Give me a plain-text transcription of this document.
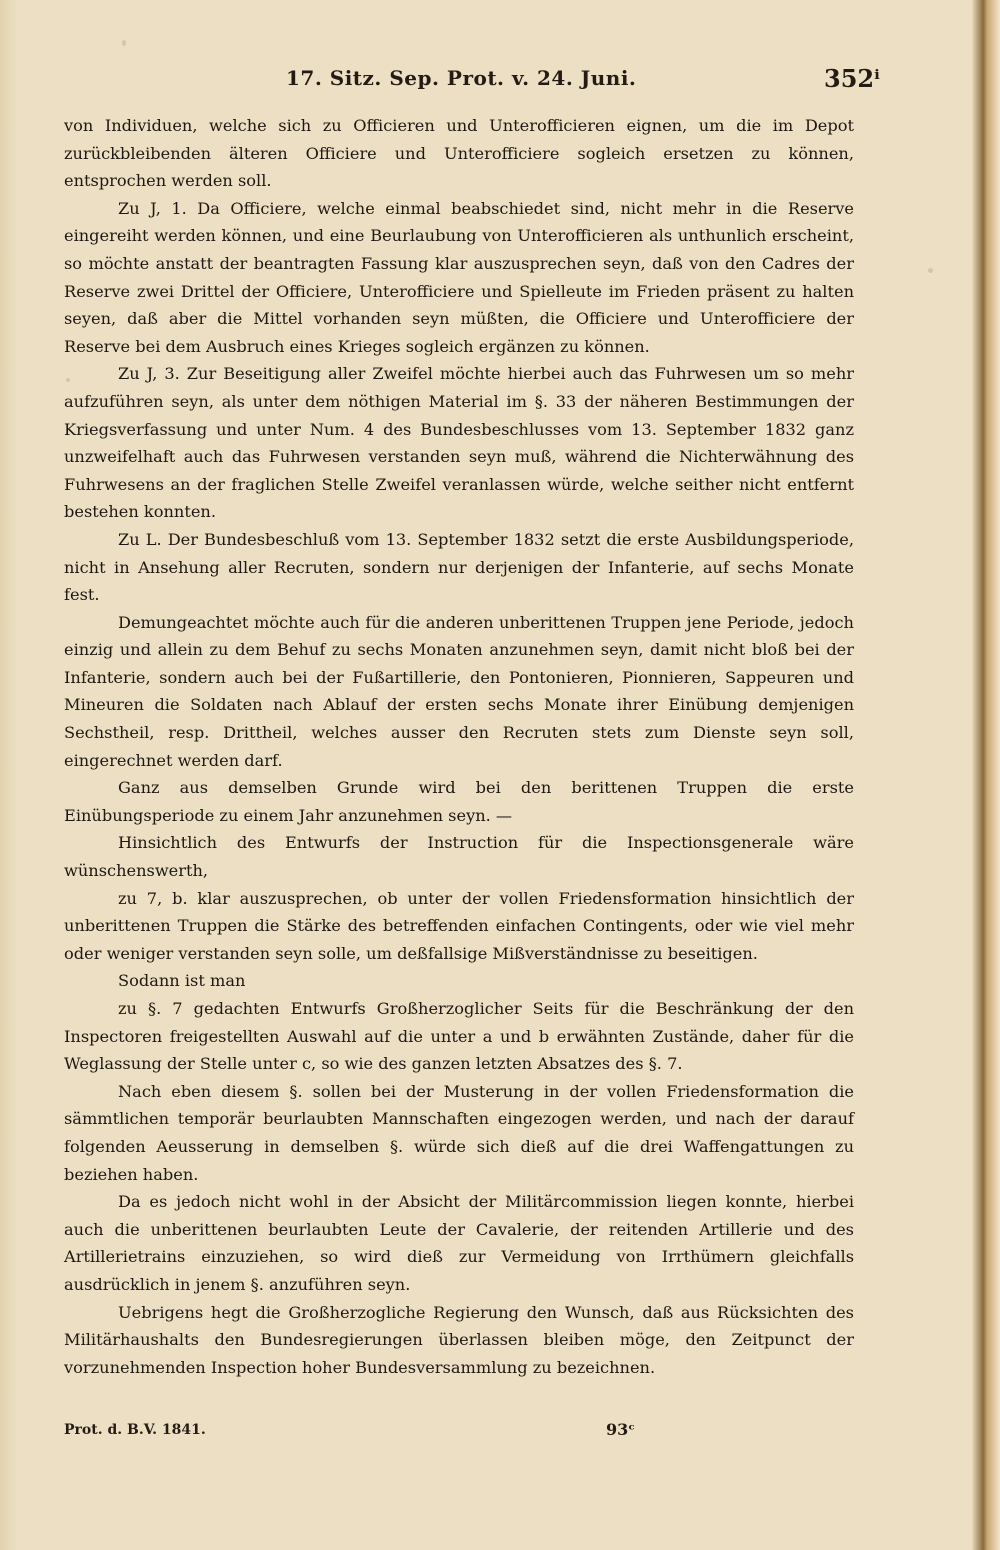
17. Sitz. Sep. Prot. v. 24. Juni.	352ⁱ

von Individuen, welche sich zu Officieren und Unterofficieren eignen, um die im Depot zurückbleibenden älteren Officiere und Unterofficiere sogleich ersetzen zu können, entsprochen werden soll.

Zu J, 1. Da Officiere, welche einmal beabschiedet sind, nicht mehr in die Reserve eingereiht werden können, und eine Beurlaubung von Unterofficieren als unthunlich erscheint, so möchte anstatt der beantragten Fassung klar auszusprechen seyn, daß von den Cadres der Reserve zwei Drittel der Officiere, Unterofficiere und Spielleute im Frieden präsent zu halten seyen, daß aber die Mittel vorhanden seyn müßten, die Officiere und Unterofficiere der Reserve bei dem Ausbruch eines Krieges sogleich ergänzen zu können.

Zu J, 3. Zur Beseitigung aller Zweifel möchte hierbei auch das Fuhrwesen um so mehr aufzuführen seyn, als unter dem nöthigen Material im §. 33 der näheren Bestimmungen der Kriegsverfassung und unter Num. 4 des Bundesbeschlusses vom 13. September 1832 ganz unzweifelhaft auch das Fuhrwesen verstanden seyn muß, während die Nichterwähnung des Fuhrwesens an der fraglichen Stelle Zweifel veranlassen würde, welche seither nicht entfernt bestehen konnten.

Zu L. Der Bundesbeschluß vom 13. September 1832 setzt die erste Ausbildungsperiode, nicht in Ansehung aller Recruten, sondern nur derjenigen der Infanterie, auf sechs Monate fest.

Demungeachtet möchte auch für die anderen unberittenen Truppen jene Periode, jedoch einzig und allein zu dem Behuf zu sechs Monaten anzunehmen seyn, damit nicht bloß bei der Infanterie, sondern auch bei der Fußartillerie, den Pontonieren, Pionnieren, Sappeuren und Mineuren die Soldaten nach Ablauf der ersten sechs Monate ihrer Einübung demjenigen Sechstheil, resp. Drittheil, welches ausser den Recruten stets zum Dienste seyn soll, eingerechnet werden darf.

Ganz aus demselben Grunde wird bei den berittenen Truppen die erste Einübungsperiode zu einem Jahr anzunehmen seyn. —

Hinsichtlich des Entwurfs der Instruction für die Inspectionsgenerale wäre wünschenswerth,

zu 7, b. klar auszusprechen, ob unter der vollen Friedensformation hinsichtlich der unberittenen Truppen die Stärke des betreffenden einfachen Contingents, oder wie viel mehr oder weniger verstanden seyn solle, um deßfallsige Mißverständnisse zu beseitigen.

Sodann ist man

zu §. 7 gedachten Entwurfs Großherzoglicher Seits für die Beschränkung der den Inspectoren freigestellten Auswahl auf die unter a und b erwähnten Zustände, daher für die Weglassung der Stelle unter c, so wie des ganzen letzten Absatzes des §. 7.

Nach eben diesem §. sollen bei der Musterung in der vollen Friedensformation die sämmtlichen temporär beurlaubten Mannschaften eingezogen werden, und nach der darauf folgenden Aeusserung in demselben §. würde sich dieß auf die drei Waffengattungen zu beziehen haben.

Da es jedoch nicht wohl in der Absicht der Militärcommission liegen konnte, hierbei auch die unberittenen beurlaubten Leute der Cavalerie, der reitenden Artillerie und des Artillerietrains einzuziehen, so wird dieß zur Vermeidung von Irrthümern gleichfalls ausdrücklich in jenem §. anzuführen seyn.

Uebrigens hegt die Großherzogliche Regierung den Wunsch, daß aus Rücksichten des Militärhaushalts den Bundesregierungen überlassen bleiben möge, den Zeitpunct der vorzunehmenden Inspection hoher Bundesversammlung zu bezeichnen.

Prot. d. B.V. 1841.	93ᶜ
